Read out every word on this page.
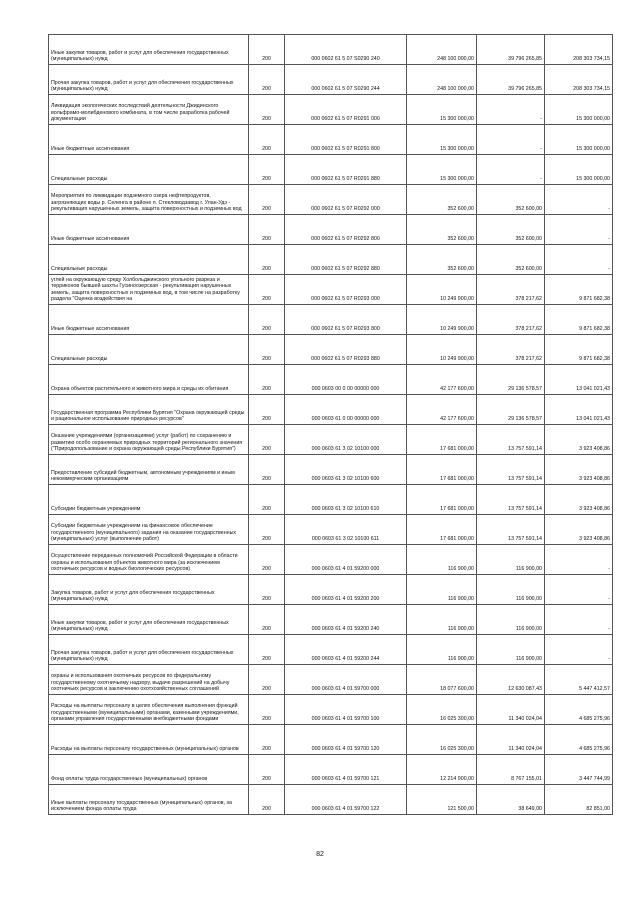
Иные закупки товаров, работ и услуг для обеспечения государственных (муниципальных) нужд	200	000 0602 61 5 07 S0290 240	248 100 000,00	39 796 265,85	208 303 734,15
Прочая закупка товаров, работ и услуг для обеспечения государственных (муниципальных) нужд	200	000 0602 61 5 07 S0290 244	248 100 000,00	39 796 265,85	208 303 734,15
Ликвидация экологических последствий деятельности Джидинского вольфрамо-молибденового комбината, в том числе разработка рабочей документации	200	000 0602 61 5 07 R0291 000	15 300 000,00	-	15 300 000,00
Иные бюджетные ассигнования	200	000 0602 61 5 07 R0291 800	15 300 000,00	-	15 300 000,00
Специальные расходы	200	000 0602 61 5 07 R0291 880	15 300 000,00	-	15 300 000,00
Мероприятия по ликвидации подземного озера нефтепродуктов, загрязняющих воды р. Селенга в районе п. Стекловодзавод г. Улан-Удэ - рекультивация нарушенных земель, защита поверхностных и подземных вод	200	000 0602 61 5 07 R0292 000	352 600,00	352 600,00	-
Иные бюджетные ассигнования	200	000 0602 61 5 07 R0292 800	352 600,00	352 600,00	-
Специальные расходы	200	000 0602 61 5 07 R0292 880	352 600,00	352 600,00	-
углей на окружающую среду Холбольджинского угольного разреза и терриконов бывшей шахты Гусиноозерская - рекультивация нарушенных земель, защита поверхностных и подземных вод, в том числе на разработку раздела "Оценка воздействия на	200	000 0602 61 5 07 R0293 000	10 249 900,00	378 217,62	9 871 682,38
Иные бюджетные ассигнования	200	000 0602 61 5 07 R0293 800	10 249 900,00	378 217,62	9 871 682,38
Специальные расходы	200	000 0602 61 5 07 R0293 880	10 249 900,00	378 217,62	9 871 682,38
Охрана объектов растительного и животного мира и среды их обитания	200	000 0603 00 0 00 00000 000	42 177 600,00	29 136 578,57	13 041 021,43
Государственная программа Республики Бурятия "Охрана окружающей среды и рациональное использование природных ресурсов"	200	000 0603 61 0 00 00000 000	42 177 600,00	29 136 578,57	13 041 021,43
Оказание учреждениями (организациями) услуг (работ) по сохранению и развитию особо охраняемых природных территорий регионального значения ("Природопользование и охрана окружающей среды Республики Бурятия")	200	000 0603 61 3 02 10100 000	17 681 000,00	13 757 591,14	3 923 408,86
Предоставление субсидий бюджетным, автономным учреждениям и иным некоммерческим организациям	200	000 0603 61 3 02 10100 600	17 681 000,00	13 757 591,14	3 923 408,86
Субсидии бюджетным учреждениям	200	000 0603 61 3 02 10100 610	17 681 000,00	13 757 591,14	3 923 408,86
Субсидии бюджетным учреждениям на финансовое обеспечение государственного (муниципального) задания на оказание государственных (муниципальных) услуг (выполнение работ)	200	000 0603 61 3 02 10100 611	17 681 000,00	13 757 591,14	3 923 408,86
Осуществление переданных полномочий Российской Федерации в области охраны и использования объектов животного мира (за исключением охотничьих ресурсов и водных биологических ресурсов)	200	000 0603 61 4 01 59200 000	116 900,00	116 900,00	-
Закупка товаров, работ и услуг для обеспечения государственных (муниципальных) нужд	200	000 0603 61 4 01 59200 200	116 900,00	116 900,00	-
Иные закупки товаров, работ и услуг для обеспечения государственных (муниципальных) нужд	200	000 0603 61 4 01 59200 240	116 900,00	116 900,00	-
Прочая закупка товаров, работ и услуг для обеспечения государственных (муниципальных) нужд	200	000 0603 61 4 01 59200 244	116 900,00	116 900,00	-
охраны и использования охотничьих ресурсов по федеральному государственному охотничьему надзору, выдаче разрешений на добычу охотничьих ресурсов и заключению охотхозяйственных соглашений	200	000 0603 61 4 01 59700 000	18 077 600,00	12 630 087,43	5 447 412,57
Расходы на выплаты персоналу в целях обеспечения выполнения функций государственными (муниципальными) органами, казенными учреждениями, органами управления государственными внебюджетными фондами	200	000 0603 61 4 01 59700 100	16 025 300,00	11 340 024,04	4 685 275,96
Расходы на выплаты персоналу государственных (муниципальных) органов	200	000 0603 61 4 01 59700 120	16 025 300,00	11 340 024,04	4 685 275,96
Фонд оплаты труда государственных (муниципальных) органов	200	000 0603 61 4 01 59700 121	12 214 900,00	8 767 155,01	3 447 744,99
Иные выплаты персоналу государственных (муниципальных) органов, за исключением фонда оплаты труда	200	000 0603 61 4 01 59700 122	121 500,00	38 649,00	82 851,00
82
